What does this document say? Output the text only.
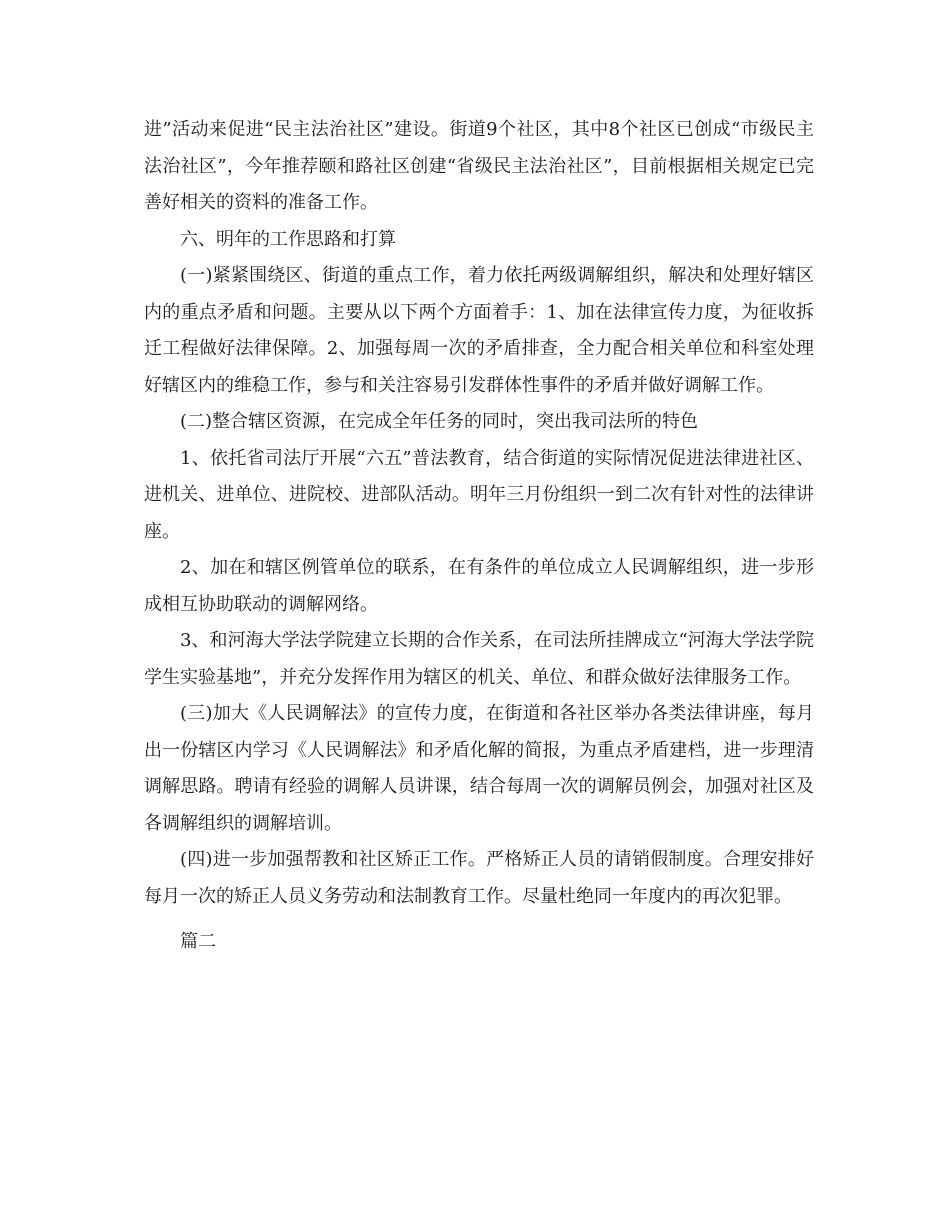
进”活动来促进“民主法治社区”建设。街道9个社区，其中8个社区已创成“市级民主法治社区”，今年推荐颐和路社区创建“省级民主法治社区”，目前根据相关规定已完善好相关的资料的准备工作。

六、明年的工作思路和打算

(一)紧紧围绕区、街道的重点工作，着力依托两级调解组织，解决和处理好辖区内的重点矛盾和问题。主要从以下两个方面着手：1、加在法律宣传力度，为征收拆迁工程做好法律保障。2、加强每周一次的矛盾排查，全力配合相关单位和科室处理好辖区内的维稳工作，参与和关注容易引发群体性事件的矛盾并做好调解工作。

(二)整合辖区资源，在完成全年任务的同时，突出我司法所的特色

1、依托省司法厅开展“六五”普法教育，结合街道的实际情况促进法律进社区、进机关、进单位、进院校、进部队活动。明年三月份组织一到二次有针对性的法律讲座。

2、加在和辖区例管单位的联系，在有条件的单位成立人民调解组织，进一步形成相互协助联动的调解网络。

3、和河海大学法学院建立长期的合作关系，在司法所挂牌成立“河海大学法学院学生实验基地”，并充分发挥作用为辖区的机关、单位、和群众做好法律服务工作。

(三)加大《人民调解法》的宣传力度，在街道和各社区举办各类法律讲座，每月出一份辖区内学习《人民调解法》和矛盾化解的简报，为重点矛盾建档，进一步理清调解思路。聘请有经验的调解人员讲课，结合每周一次的调解员例会，加强对社区及各调解组织的调解培训。

(四)进一步加强帮教和社区矫正工作。严格矫正人员的请销假制度。合理安排好每月一次的矫正人员义务劳动和法制教育工作。尽量杜绝同一年度内的再次犯罪。

篇二
